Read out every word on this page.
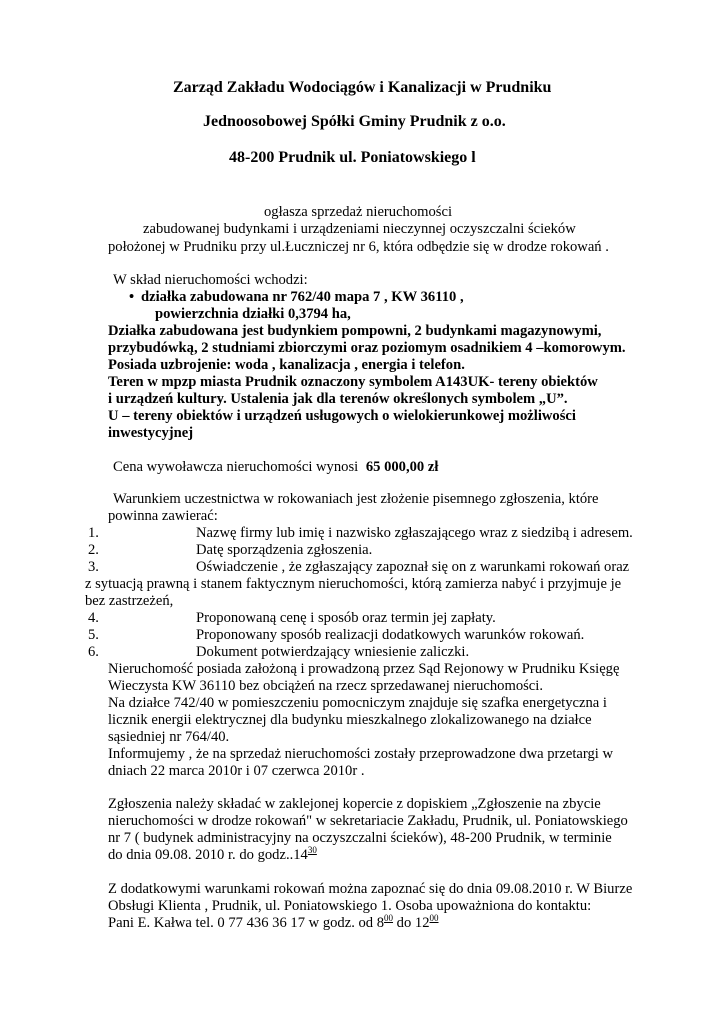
Zarząd Zakładu Wodociągów i Kanalizacji w Prudniku
Jednoosobowej Spółki Gminy Prudnik z o.o.
48-200 Prudnik ul. Poniatowskiego l
ogłasza sprzedaż nieruchomości
zabudowanej budynkami i urządzeniami nieczynnej oczyszczalni ścieków
położonej w Prudniku przy ul.Łuczniczej nr 6, która odbędzie się w drodze rokowań .
W skład nieruchomości wchodzi:
• działka zabudowana nr 762/40 mapa 7 , KW 36110 ,
powierzchnia działki 0,3794 ha,
Działka zabudowana jest budynkiem pompowni, 2 budynkami magazynowymi,
przybudówką, 2 studniami zbiorczymi oraz poziomym osadnikiem 4 –komorowym.
Posiada uzbrojenie: woda , kanalizacja , energia i telefon.
Teren w mpzp miasta Prudnik oznaczony symbolem A143UK- tereny obiektów
i urządzeń kultury. Ustalenia jak dla terenów określonych symbolem „U”.
U – tereny obiektów i urządzeń usługowych o wielokierunkowej możliwości
inwestycyjnej
Cena wywoławcza nieruchomości wynosi 65 000,00 zł
Warunkiem uczestnictwa w rokowaniach jest złożenie pisemnego zgłoszenia, które
powinna zawierać:
1.	Nazwę firmy lub imię i nazwisko zgłaszającego wraz z siedzibą i adresem.
2.	Datę sporządzenia zgłoszenia.
3.	Oświadczenie , że zgłaszający zapoznał się on z warunkami rokowań oraz
z sytuacją prawną i stanem faktycznym nieruchomości, którą zamierza nabyć i przyjmuje je
bez zastrzeżeń,
4.	Proponowaną cenę i sposób oraz termin jej zapłaty.
5.	Proponowany sposób realizacji dodatkowych warunków rokowań.
6.	Dokument potwierdzający wniesienie zaliczki.
Nieruchomość posiada założoną i prowadzoną przez Sąd Rejonowy w Prudniku Księgę
Wieczysta KW 36110 bez obciążeń na rzecz sprzedawanej nieruchomości.
Na działce 742/40 w pomieszczeniu pomocniczym znajduje się szafka energetyczna i
licznik energii elektrycznej dla budynku mieszkalnego zlokalizowanego na działce
sąsiedniej nr 764/40.
Informujemy , że na sprzedaż nieruchomości zostały przeprowadzone dwa przetargi w
dniach 22 marca 2010r i 07 czerwca 2010r .
Zgłoszenia należy składać w zaklejonej kopercie z dopiskiem „Zgłoszenie na zbycie
nieruchomości w drodze rokowań" w sekretariacie Zakładu, Prudnik, ul. Poniatowskiego
nr 7 ( budynek administracyjny na oczyszczalni ścieków), 48-200 Prudnik, w terminie
do dnia 09.08. 2010 r. do godz..14$^{30}$
Z dodatkowymi warunkami rokowań można zapoznać się do dnia 09.08.2010 r. W Biurze
Obsługi Klienta , Prudnik, ul. Poniatowskiego 1. Osoba upoważniona do kontaktu:
Pani E. Kałwa tel. 0 77 436 36 17 w godz. od $8^{00}$ do $12^{00}$
